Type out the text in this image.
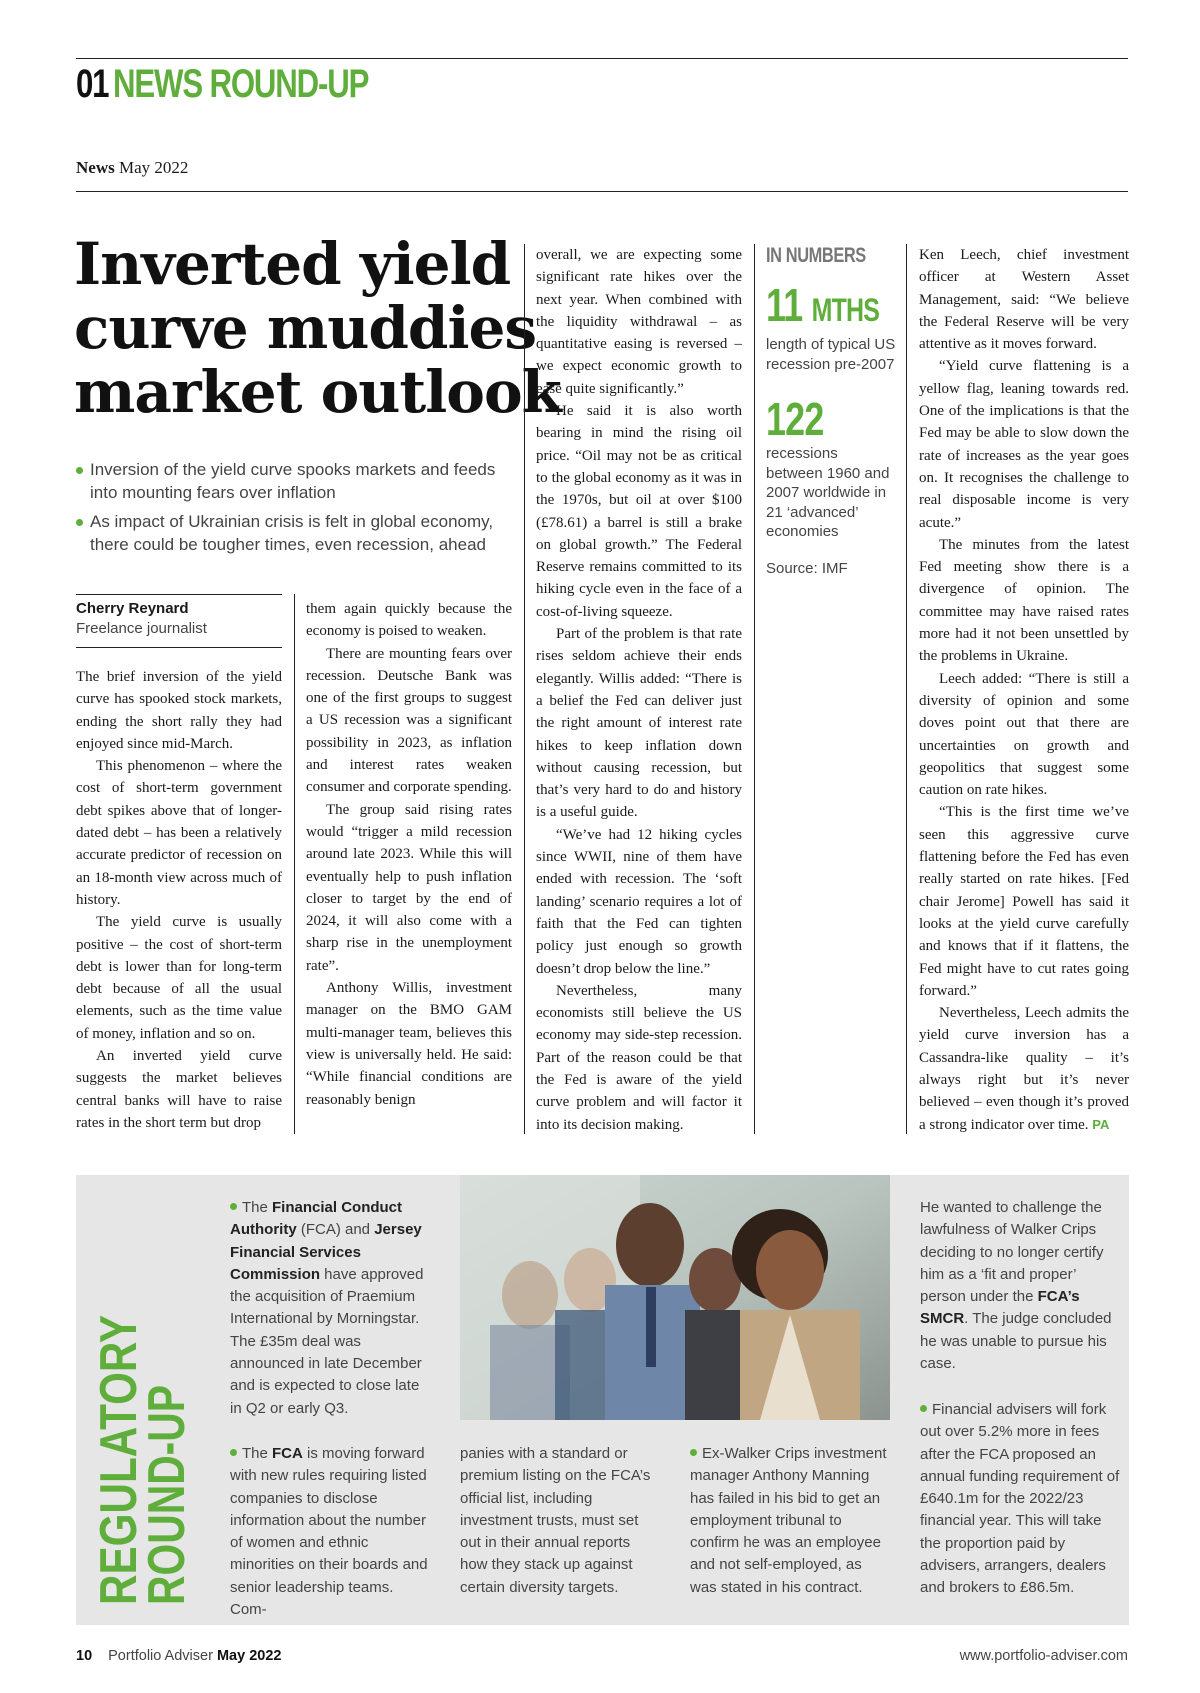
01 NEWS ROUND-UP
News May 2022
Inverted yield
curve muddies
market outlook
Inversion of the yield curve spooks markets and feeds into mounting fears over inflation
As impact of Ukrainian crisis is felt in global economy, there could be tougher times, even recession, ahead
Cherry Reynard
Freelance journalist

The brief inversion of the yield curve has spooked stock markets, ending the short rally they had enjoyed since mid-March.

This phenomenon – where the cost of short-term government debt spikes above that of longer-dated debt – has been a relatively accurate predictor of recession on an 18-month view across much of history.

The yield curve is usually positive – the cost of short-term debt is lower than for long-term debt because of all the usual elements, such as the time value of money, inflation and so on.

An inverted yield curve suggests the market believes central banks will have to raise rates in the short term but drop

them again quickly because the economy is poised to weaken.

There are mounting fears over recession. Deutsche Bank was one of the first groups to suggest a US recession was a significant possibility in 2023, as inflation and interest rates weaken consumer and corporate spending.

The group said rising rates would “trigger a mild recession around late 2023. While this will eventually help to push inflation closer to target by the end of 2024, it will also come with a sharp rise in the unemployment rate”.

Anthony Willis, investment manager on the BMO GAM multi-manager team, believes this view is universally held. He said: “While financial conditions are reasonably benign

overall, we are expecting some significant rate hikes over the next year. When combined with the liquidity withdrawal – as quantitative easing is reversed – we expect economic growth to ease quite significantly.”

He said it is also worth bearing in mind the rising oil price. “Oil may not be as critical to the global economy as it was in the 1970s, but oil at over $100 (£78.61) a barrel is still a brake on global growth.” The Federal Reserve remains committed to its hiking cycle even in the face of a cost-of-living squeeze.

Part of the problem is that rate rises seldom achieve their ends elegantly. Willis added: “There is a belief the Fed can deliver just the right amount of interest rate hikes to keep inflation down without causing recession, but that’s very hard to do and history is a useful guide.

“We’ve had 12 hiking cycles since WWII, nine of them have ended with recession. The ‘soft landing’ scenario requires a lot of faith that the Fed can tighten policy just enough so growth doesn’t drop below the line.”

Nevertheless, many economists still believe the US economy may side-step recession. Part of the reason could be that the Fed is aware of the yield curve problem and will factor it into its decision making.

IN NUMBERS
11 MTHS
length of typical US recession pre-2007
122
recessions between 1960 and 2007 worldwide in 21 ‘advanced’ economies
Source: IMF

Ken Leech, chief investment officer at Western Asset Management, said: “We believe the Federal Reserve will be very attentive as it moves forward.

“Yield curve flattening is a yellow flag, leaning towards red. One of the implications is that the Fed may be able to slow down the rate of increases as the year goes on. It recognises the challenge to real disposable income is very acute.”

The minutes from the latest Fed meeting show there is a divergence of opinion. The committee may have raised rates more had it not been unsettled by the problems in Ukraine.

Leech added: “There is still a diversity of opinion and some doves point out that there are uncertainties on growth and geopolitics that suggest some caution on rate hikes.

“This is the first time we’ve seen this aggressive curve flattening before the Fed has even really started on rate hikes. [Fed chair Jerome] Powell has said it looks at the yield curve carefully and knows that if it flattens, the Fed might have to cut rates going forward.”

Nevertheless, Leech admits the yield curve inversion has a Cassandra-like quality – it’s always right but it’s never believed – even though it’s proved a strong indicator over time. PA

REGULATORY
ROUND-UP
The Financial Conduct Authority (FCA) and Jersey Financial Services Commission have approved the acquisition of Praemium International by Morningstar. The £35m deal was announced in late December and is expected to close late in Q2 or early Q3.
The FCA is moving forward with new rules requiring listed companies to disclose information about the number of women and ethnic minorities on their boards and senior leadership teams. Com-
panies with a standard or premium listing on the FCA’s official list, including investment trusts, must set out in their annual reports how they stack up against certain diversity targets.
Ex-Walker Crips investment manager Anthony Manning has failed in his bid to get an employment tribunal to confirm he was an employee and not self-employed, as was stated in his contract.
He wanted to challenge the lawfulness of Walker Crips deciding to no longer certify him as a ‘fit and proper’ person under the FCA’s SMCR. The judge concluded he was unable to pursue his case.
Financial advisers will fork out over 5.2% more in fees after the FCA proposed an annual funding requirement of £640.1m for the 2022/23 financial year. This will take the proportion paid by advisers, arrangers, dealers and brokers to £86.5m.
10 Portfolio Adviser May 2022	www.portfolio-adviser.com
